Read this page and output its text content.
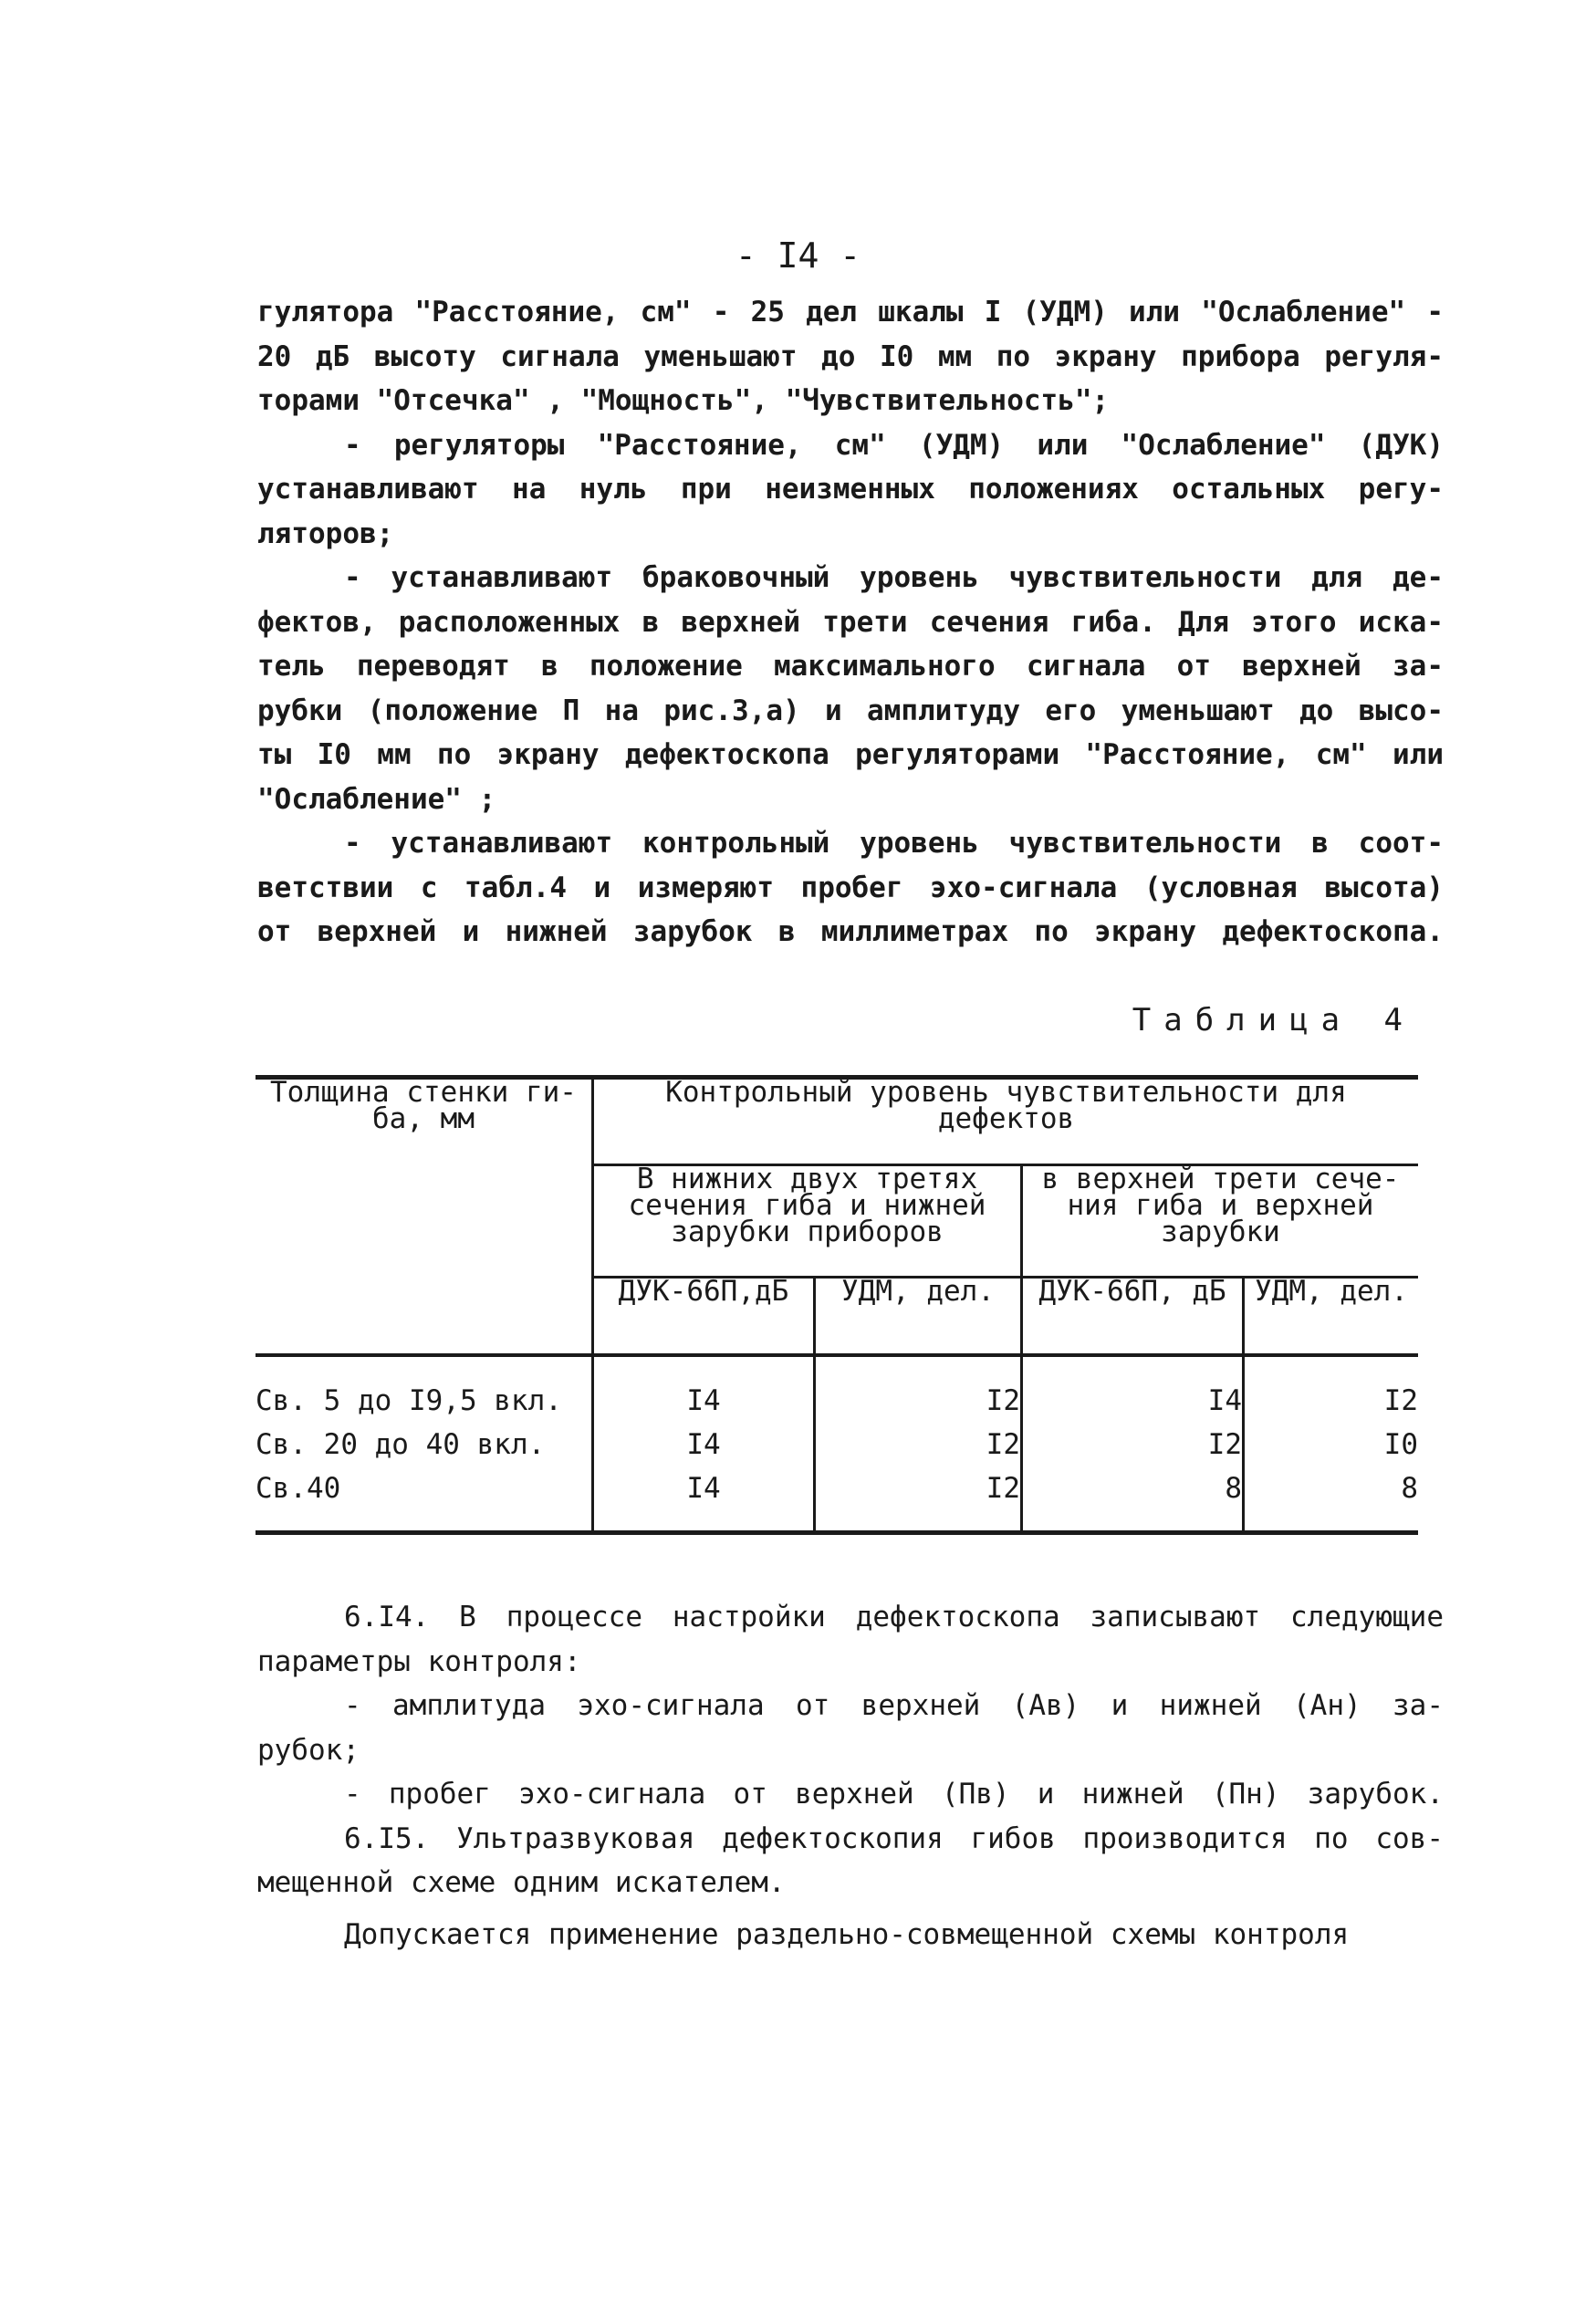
- I4 -
гулятора "Расстояние, см" - 25 дел шкалы I (УДМ) или "Ослабление" -
20 дБ высоту сигнала уменьшают до I0 мм по экрану прибора регуля-
торами "Отсечка" , "Мощность", "Чувствительность";
- регуляторы "Расстояние, см" (УДМ) или "Ослабление" (ДУК)
устанавливают на нуль при неизменных положениях остальных регу-
ляторов;
- устанавливают браковочный уровень чувствительности для де-
фектов, расположенных в верхней трети сечения гиба. Для этого иска-
тель переводят в положение максимального сигнала от верхней за-
рубки (положение П на рис.3,а) и амплитуду его уменьшают до высо-
ты I0 мм по экрану дефектоскопа регуляторами "Расстояние, см" или
"Ослабление" ;
- устанавливают контрольный уровень чувствительности в соот-
ветствии с табл.4 и измеряют пробег эхо-сигнала (условная высота)
от верхней и нижней зарубок в миллиметрах по экрану дефектоскопа.
Таблица 4
Толщина стенки ги- ба, мм	Контрольный уровень чувствительности для дефектов			
	В нижних двух третях сечения гиба и нижней зарубки приборов		в верхней трети сече- ния гиба и верхней зарубки	
	ДУК-66П,дБ	УДМ, дел.	ДУК-66П, дБ	УДМ, дел.
Св. 5 до I9,5 вкл.	I4	I2	I4	I2
Св. 20 до 40 вкл.	I4	I2	I2	I0
Св.40	I4	I2	8	8
6.I4. В процессе настройки дефектоскопа записывают следующие
параметры контроля:
- амплитуда эхо-сигнала от верхней (Ав) и нижней (Ан) за-
рубок;
- пробег эхо-сигнала от верхней (Пв) и нижней (Пн) зарубок.
6.I5. Ультразвуковая дефектоскопия гибов производится по сов-
мещенной схеме одним искателем.
Допускается применение раздельно-совмещенной схемы контроля
